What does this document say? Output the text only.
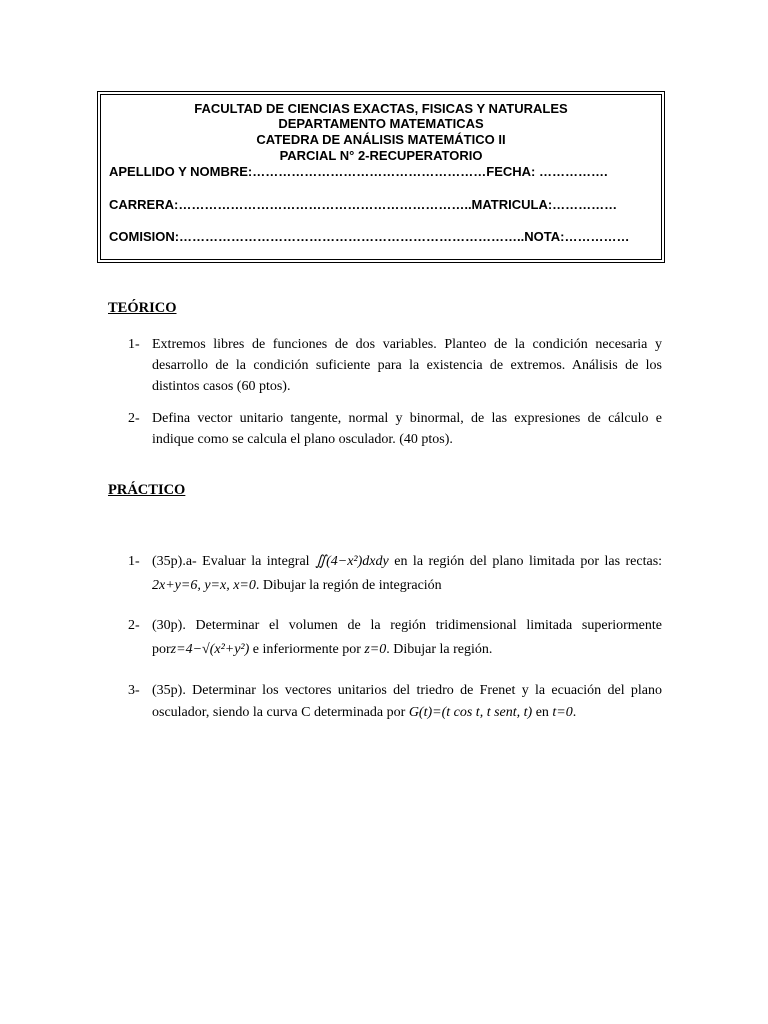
FACULTAD DE CIENCIAS EXACTAS, FISICAS Y NATURALES
DEPARTAMENTO MATEMATICAS
CATEDRA DE ANÁLISIS MATEMÁTICO II
PARCIAL N° 2-RECUPERATORIO
APELLIDO Y NOMBRE:………………………………………………FECHA: …………….
CARRERA:…………………………………………………………..MATRICULA:……………
COMISION:……………………………………………………………………..NOTA:……………
TEÓRICO
1- Extremos libres de funciones de dos variables. Planteo de la condición necesaria y desarrollo de la condición suficiente para la existencia de extremos. Análisis de los distintos casos (60 ptos).
2- Defina vector unitario tangente, normal y binormal, de las expresiones de cálculo e indique como se calcula el plano osculador. (40 ptos).
PRÁCTICO
1- (35p).a- Evaluar la integral ∬(4−x²)dxdy en la región del plano limitada por las rectas: 2x+y=6, y=x, x=0. Dibujar la región de integración
2- (30p). Determinar el volumen de la región tridimensional limitada superiormente porz=4−√(x²+y²) e inferiormente por z=0. Dibujar la región.
3- (35p). Determinar los vectores unitarios del triedro de Frenet y la ecuación del plano osculador, siendo la curva C determinada por G(t)=(t cos t, t sent, t) en t=0.
